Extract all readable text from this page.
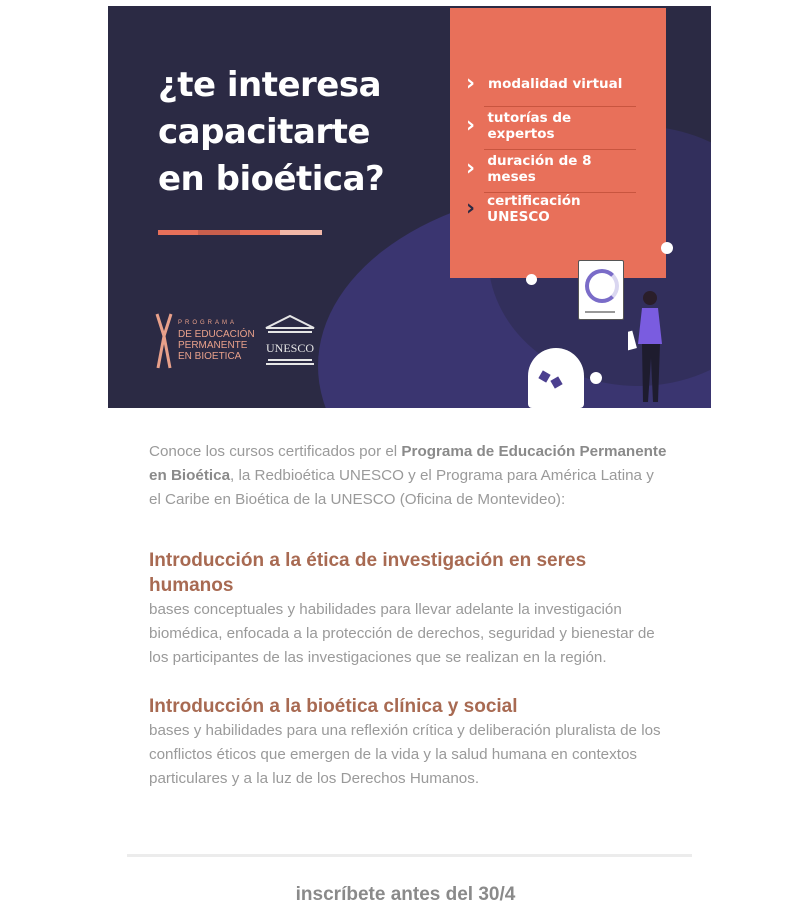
¿te interesa
capacitarte
en bioética?
› modalidad virtual
› tutorías de expertos
› duración de 8 meses
› certificación UNESCO
PROGRAMA
DE EDUCACIÓN
PERMANENTE
EN BIOETICA
UNESCO

Conoce los cursos certificados por el Programa de Educación Permanente en Bioética, la Redbioética UNESCO y el Programa para América Latina y el Caribe en Bioética de la UNESCO (Oficina de Montevideo):

Introducción a la ética de investigación en seres humanos

bases conceptuales y habilidades para llevar adelante la investigación biomédica, enfocada a la protección de derechos, seguridad y bienestar de los participantes de las investigaciones que se realizan en la región.

Introducción a la bioética clínica y social

bases y habilidades para una reflexión crítica y deliberación pluralista de los conflictos éticos que emergen de la vida y la salud humana en contextos particulares y a la luz de los Derechos Humanos.

inscríbete antes del 30/4
